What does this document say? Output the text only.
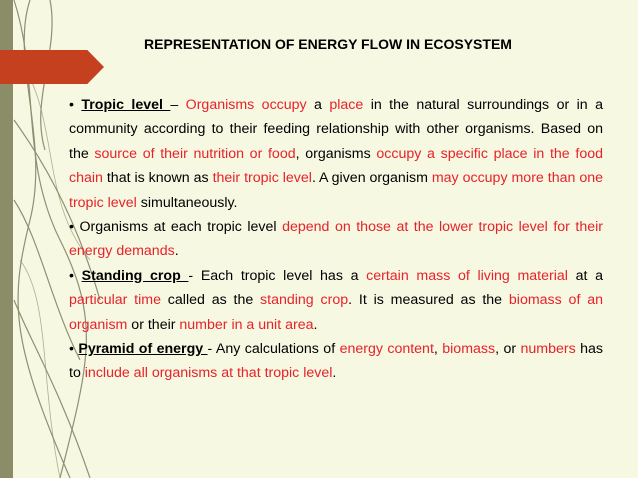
REPRESENTATION OF ENERGY FLOW IN ECOSYSTEM

• Tropic level – Organisms occupy a place in the natural surroundings or in a community according to their feeding relationship with other organisms. Based on the source of their nutrition or food, organisms occupy a specific place in the food chain that is known as their tropic level. A given organism may occupy more than one tropic level simultaneously.

• Organisms at each tropic level depend on those at the lower tropic level for their energy demands.

• Standing crop - Each tropic level has a certain mass of living material at a particular time called as the standing crop. It is measured as the biomass of an organism or their number in a unit area.

• Pyramid of energy - Any calculations of energy content, biomass, or numbers has to include all organisms at that tropic level.
